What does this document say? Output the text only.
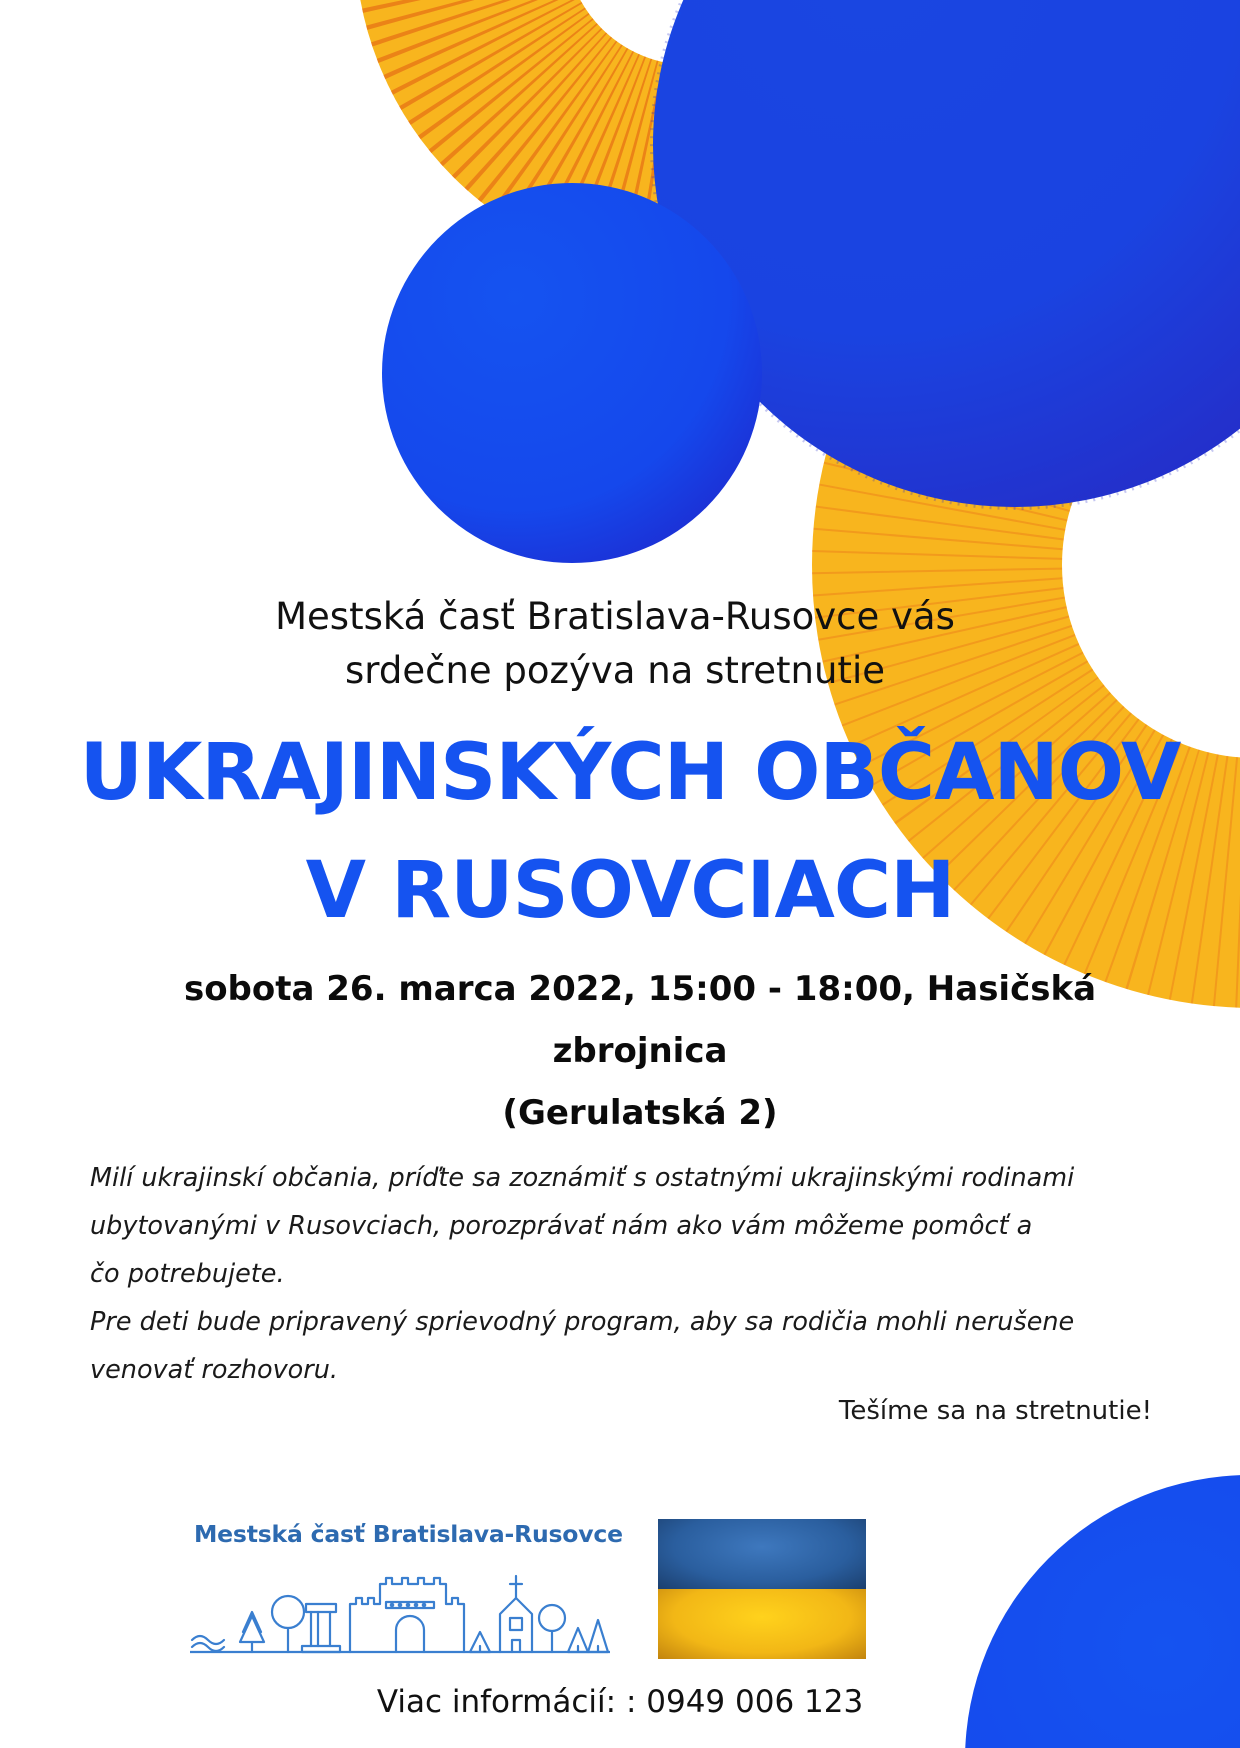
Mestská časť Bratislava-Rusovce vás
srdečne pozýva na stretnutie
UKRAJINSKÝCH OBČANOV
V RUSOVCIACH
sobota 26. marca 2022, 15:00 - 18:00, Hasičská zbrojnica
(Gerulatská 2)

Milí ukrajinskí občania, príďte sa zoznámiť s ostatnými ukrajinskými rodinami

ubytovanými v Rusovciach, porozprávať nám ako vám môžeme pomôcť a

čo potrebujete.

Pre deti bude pripravený sprievodný program, aby sa rodičia mohli nerušene

venovať rozhovoru.

Tešíme sa na stretnutie!
Mestská časť Bratislava-Rusovce
Viac informácií: : 0949 006 123
